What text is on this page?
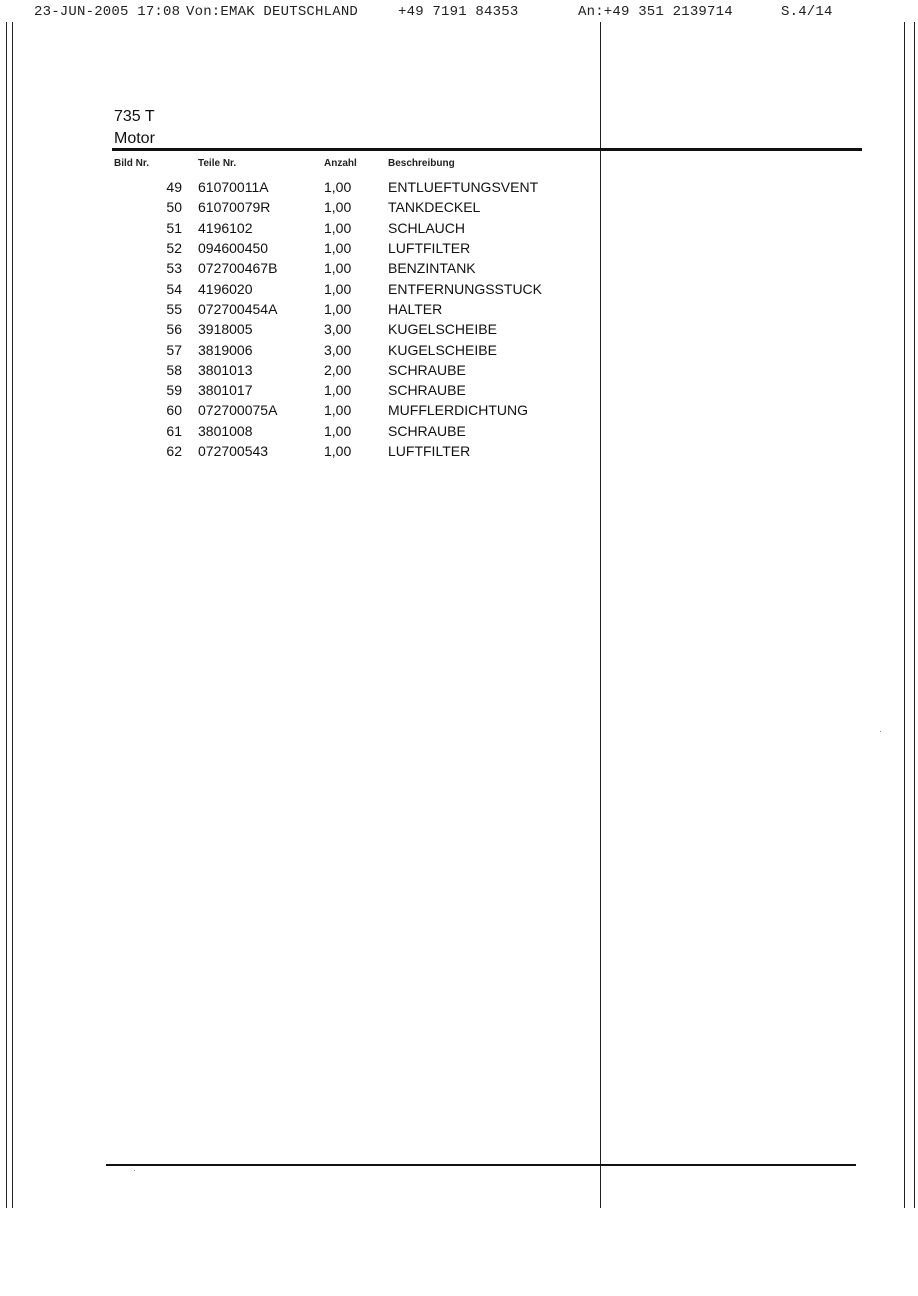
23-JUN-2005 17:08 Von:EMAK DEUTSCHLAND	+49 7191 84353	An:+49 351 2139714	S.4/14
735 T
Motor
Bild Nr.	Teile Nr.	Anzahl	Beschreibung
49	61070011A	1,00	ENTLUEFTUNGSVENT
50	61070079R	1,00	TANKDECKEL
51	4196102	1,00	SCHLAUCH
52	094600450	1,00	LUFTFILTER
53	072700467B	1,00	BENZINTANK
54	4196020	1,00	ENTFERNUNGSSTUCK
55	072700454A	1,00	HALTER
56	3918005	3,00	KUGELSCHEIBE
57	3819006	3,00	KUGELSCHEIBE
58	3801013	2,00	SCHRAUBE
59	3801017	1,00	SCHRAUBE
60	072700075A	1,00	MUFFLERDICHTUNG
61	3801008	1,00	SCHRAUBE
62	072700543	1,00	LUFTFILTER
